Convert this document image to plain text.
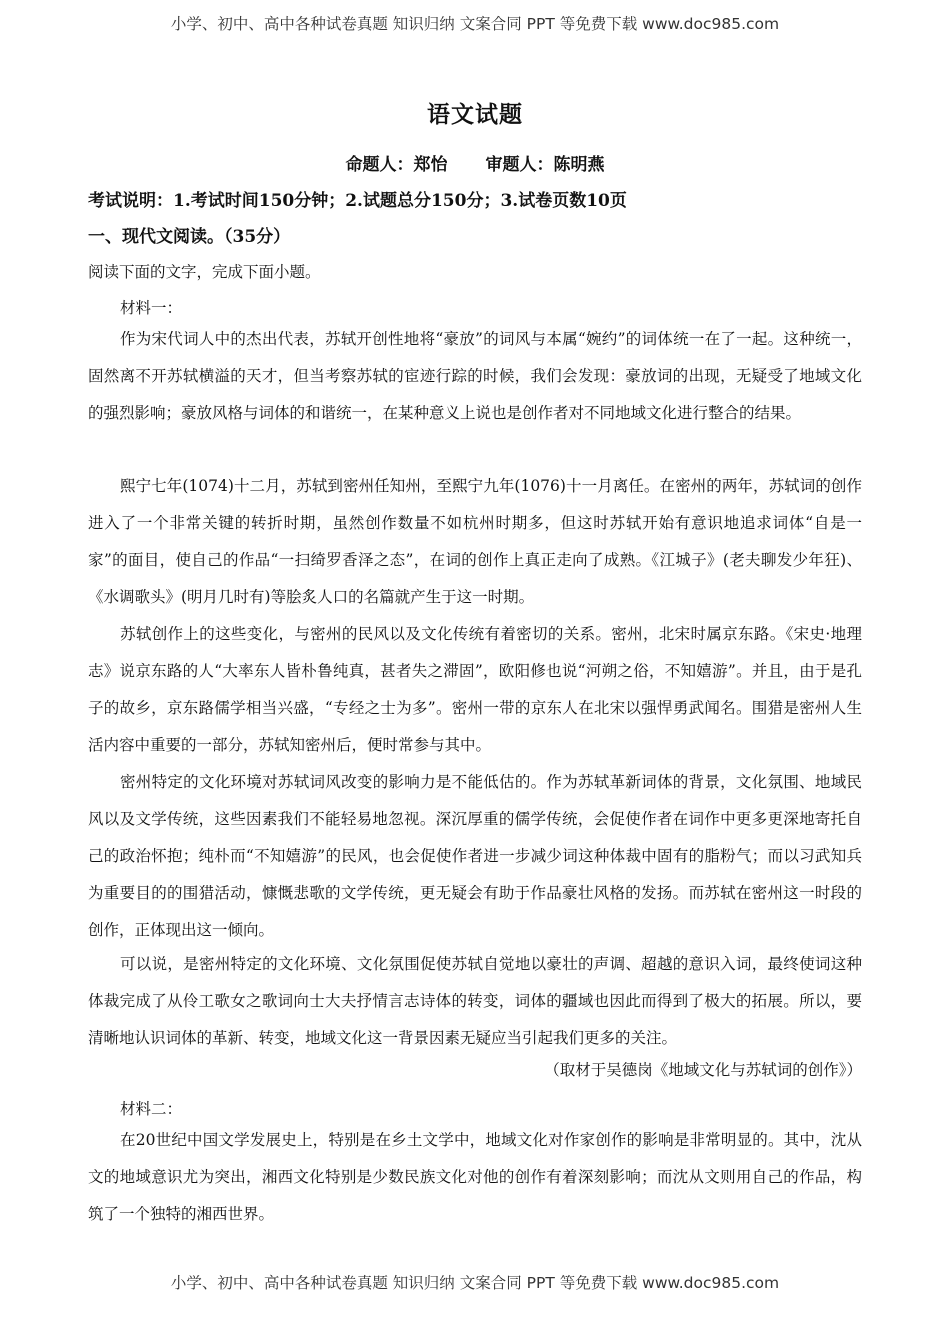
小学、初中、高中各种试卷真题 知识归纳 文案合同 PPT 等免费下载 www.doc985.com
语文试题
命题人：郑怡 审题人：陈明燕
考试说明：1.考试时间150分钟；2.试题总分150分；3.试卷页数10页
一、现代文阅读。（35分）
阅读下面的文字，完成下面小题。
材料一：

作为宋代词人中的杰出代表，苏轼开创性地将“豪放”的词风与本属“婉约”的词体统一在了一起。这种统一，固然离不开苏轼横溢的天才，但当考察苏轼的宦迹行踪的时候，我们会发现：豪放词的出现，无疑受了地域文化的强烈影响；豪放风格与词体的和谐统一，在某种意义上说也是创作者对不同地域文化进行整合的结果。

熙宁七年(1074)十二月，苏轼到密州任知州，至熙宁九年(1076)十一月离任。在密州的两年，苏轼词的创作进入了一个非常关键的转折时期，虽然创作数量不如杭州时期多，但这时苏轼开始有意识地追求词体“自是一家”的面目，使自己的作品“一扫绮罗香泽之态”，在词的创作上真正走向了成熟。《江城子》(老夫聊发少年狂)、《水调歌头》(明月几时有)等脍炙人口的名篇就产生于这一时期。

苏轼创作上的这些变化，与密州的民风以及文化传统有着密切的关系。密州，北宋时属京东路。《宋史·地理志》说京东路的人“大率东人皆朴鲁纯真，甚者失之滞固”，欧阳修也说“河朔之俗，不知嬉游”。并且，由于是孔子的故乡，京东路儒学相当兴盛，“专经之士为多”。密州一带的京东人在北宋以强悍勇武闻名。围猎是密州人生活内容中重要的一部分，苏轼知密州后，便时常参与其中。

密州特定的文化环境对苏轼词风改变的影响力是不能低估的。作为苏轼革新词体的背景，文化氛围、地域民风以及文学传统，这些因素我们不能轻易地忽视。深沉厚重的儒学传统，会促使作者在词作中更多更深地寄托自己的政治怀抱；纯朴而“不知嬉游”的民风，也会促使作者进一步减少词这种体裁中固有的脂粉气；而以习武知兵为重要目的的围猎活动，慷慨悲歌的文学传统，更无疑会有助于作品豪壮风格的发扬。而苏轼在密州这一时段的创作，正体现出这一倾向。

可以说，是密州特定的文化环境、文化氛围促使苏轼自觉地以豪壮的声调、超越的意识入词，最终使词这种体裁完成了从伶工歌女之歌词向士大夫抒情言志诗体的转变，词体的疆域也因此而得到了极大的拓展。所以，要清晰地认识词体的革新、转变，地域文化这一背景因素无疑应当引起我们更多的关注。

（取材于吴德岗《地域文化与苏轼词的创作》）
材料二：

在20世纪中国文学发展史上，特别是在乡土文学中，地域文化对作家创作的影响是非常明显的。其中，沈从文的地域意识尤为突出，湘西文化特别是少数民族文化对他的创作有着深刻影响；而沈从文则用自己的作品，构筑了一个独特的湘西世界。

小学、初中、高中各种试卷真题 知识归纳 文案合同 PPT 等免费下载 www.doc985.com
